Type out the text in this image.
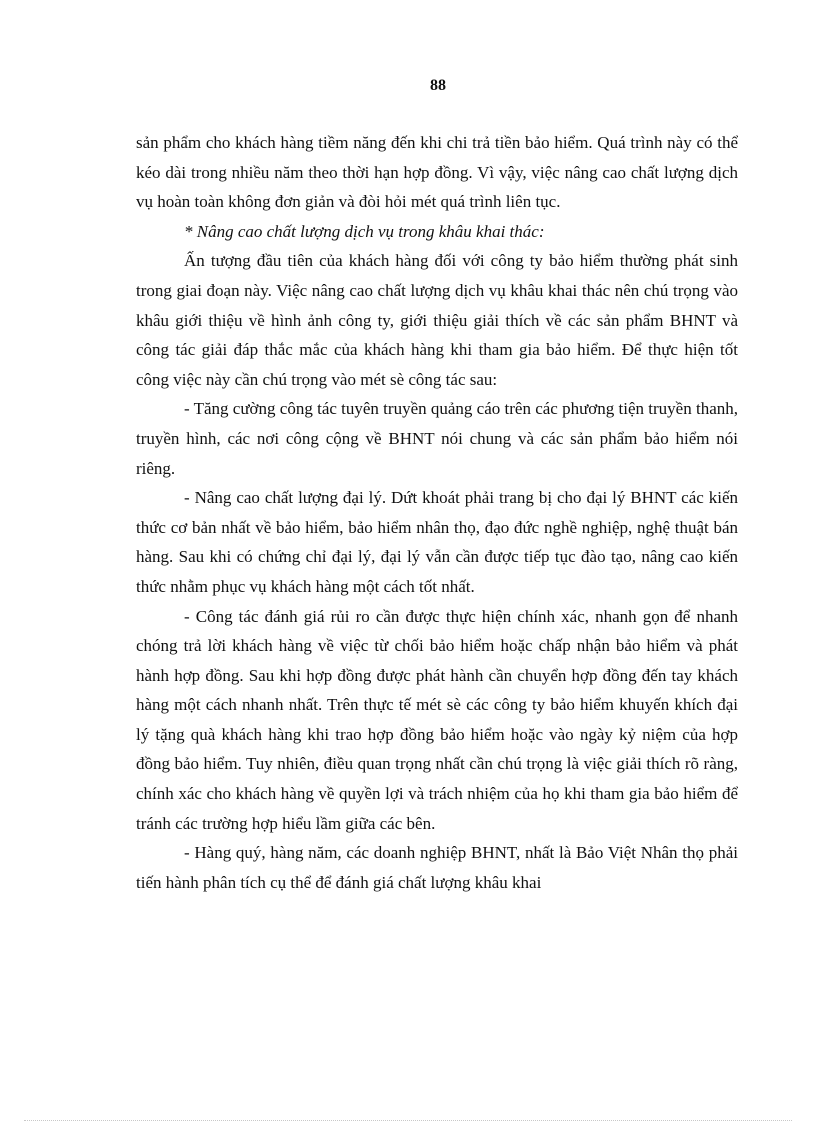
88

sản phẩm cho khách hàng tiềm năng đến khi chi trả tiền bảo hiểm. Quá trình này có thể kéo dài trong nhiều năm theo thời hạn hợp đồng. Vì vậy, việc nâng cao chất lượng dịch vụ hoàn toàn không đơn giản và đòi hỏi mét quá trình liên tục.

* Nâng cao chất lượng dịch vụ trong khâu khai thác:

Ấn tượng đầu tiên của khách hàng đối với công ty bảo hiểm thường phát sinh trong giai đoạn này. Việc nâng cao chất lượng dịch vụ khâu khai thác nên chú trọng vào khâu giới thiệu về hình ảnh công ty, giới thiệu giải thích về các sản phẩm BHNT và công tác giải đáp thắc mắc của khách hàng khi tham gia bảo hiểm. Để thực hiện tốt công việc này cần chú trọng vào mét sè công tác sau:

- Tăng cường công tác tuyên truyền quảng cáo trên các phương tiện truyền thanh, truyền hình, các nơi công cộng về BHNT nói chung và các sản phẩm bảo hiểm nói riêng.

- Nâng cao chất lượng đại lý. Dứt khoát phải trang bị cho đại lý BHNT các kiến thức cơ bản nhất về bảo hiểm, bảo hiểm nhân thọ, đạo đức nghề nghiệp, nghệ thuật bán hàng. Sau khi có chứng chỉ đại lý, đại lý vẫn cần được tiếp tục đào tạo, nâng cao kiến thức nhằm phục vụ khách hàng một cách tốt nhất.

- Công tác đánh giá rủi ro cần được thực hiện chính xác, nhanh gọn để nhanh chóng trả lời khách hàng về việc từ chối bảo hiểm hoặc chấp nhận bảo hiểm và phát hành hợp đồng. Sau khi hợp đồng được phát hành cần chuyển hợp đồng đến tay khách hàng một cách nhanh nhất. Trên thực tế mét sè các công ty bảo hiểm khuyến khích đại lý tặng quà khách hàng khi trao hợp đồng bảo hiểm hoặc vào ngày kỷ niệm của hợp đồng bảo hiểm. Tuy nhiên, điều quan trọng nhất cần chú trọng là việc giải thích rõ ràng, chính xác cho khách hàng về quyền lợi và trách nhiệm của họ khi tham gia bảo hiểm để tránh các trường hợp hiểu lầm giữa các bên.

- Hàng quý, hàng năm, các doanh nghiệp BHNT, nhất là Bảo Việt Nhân thọ phải tiến hành phân tích cụ thể để đánh giá chất lượng khâu khai
